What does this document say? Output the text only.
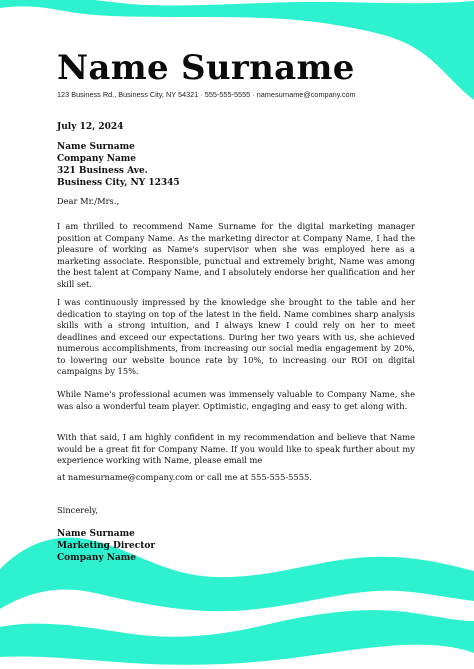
Name Surname
123 Business Rd., Business City, NY 54321 · 555-555-5555 · namesurname@company.com
July 12, 2024
Name Surname
Company Name
321 Business Ave.
Business City, NY 12345
Dear Mr./Mrs.,
I am thrilled to recommend Name Surname for the digital marketing manager position at Company Name. As the marketing director at Company Name, I had the pleasure of working as Name's supervisor when she was employed here as a marketing associate. Responsible, punctual and extremely bright, Name was among the best talent at Company Name, and I absolutely endorse her qualification and her skill set.
I was continuously impressed by the knowledge she brought to the table and her dedication to staying on top of the latest in the field. Name combines sharp analysis skills with a strong intuition, and I always knew I could rely on her to meet deadlines and exceed our expectations. During her two years with us, she achieved numerous accomplishments, from increasing our social media engagement by 20%, to lowering our website bounce rate by 10%, to increasing our ROI on digital campaigns by 15%.
While Name's professional acumen was immensely valuable to Company Name, she was also a wonderful team player. Optimistic, engaging and easy to get along with.
With that said, I am highly confident in my recommendation and believe that Name would be a great fit for Company Name. If you would like to speak further about my experience working with Name, please email me
at namesurname@company.com or call me at 555-555-5555.
Sincerely,
Name Surname
Marketing Director
Company Name
